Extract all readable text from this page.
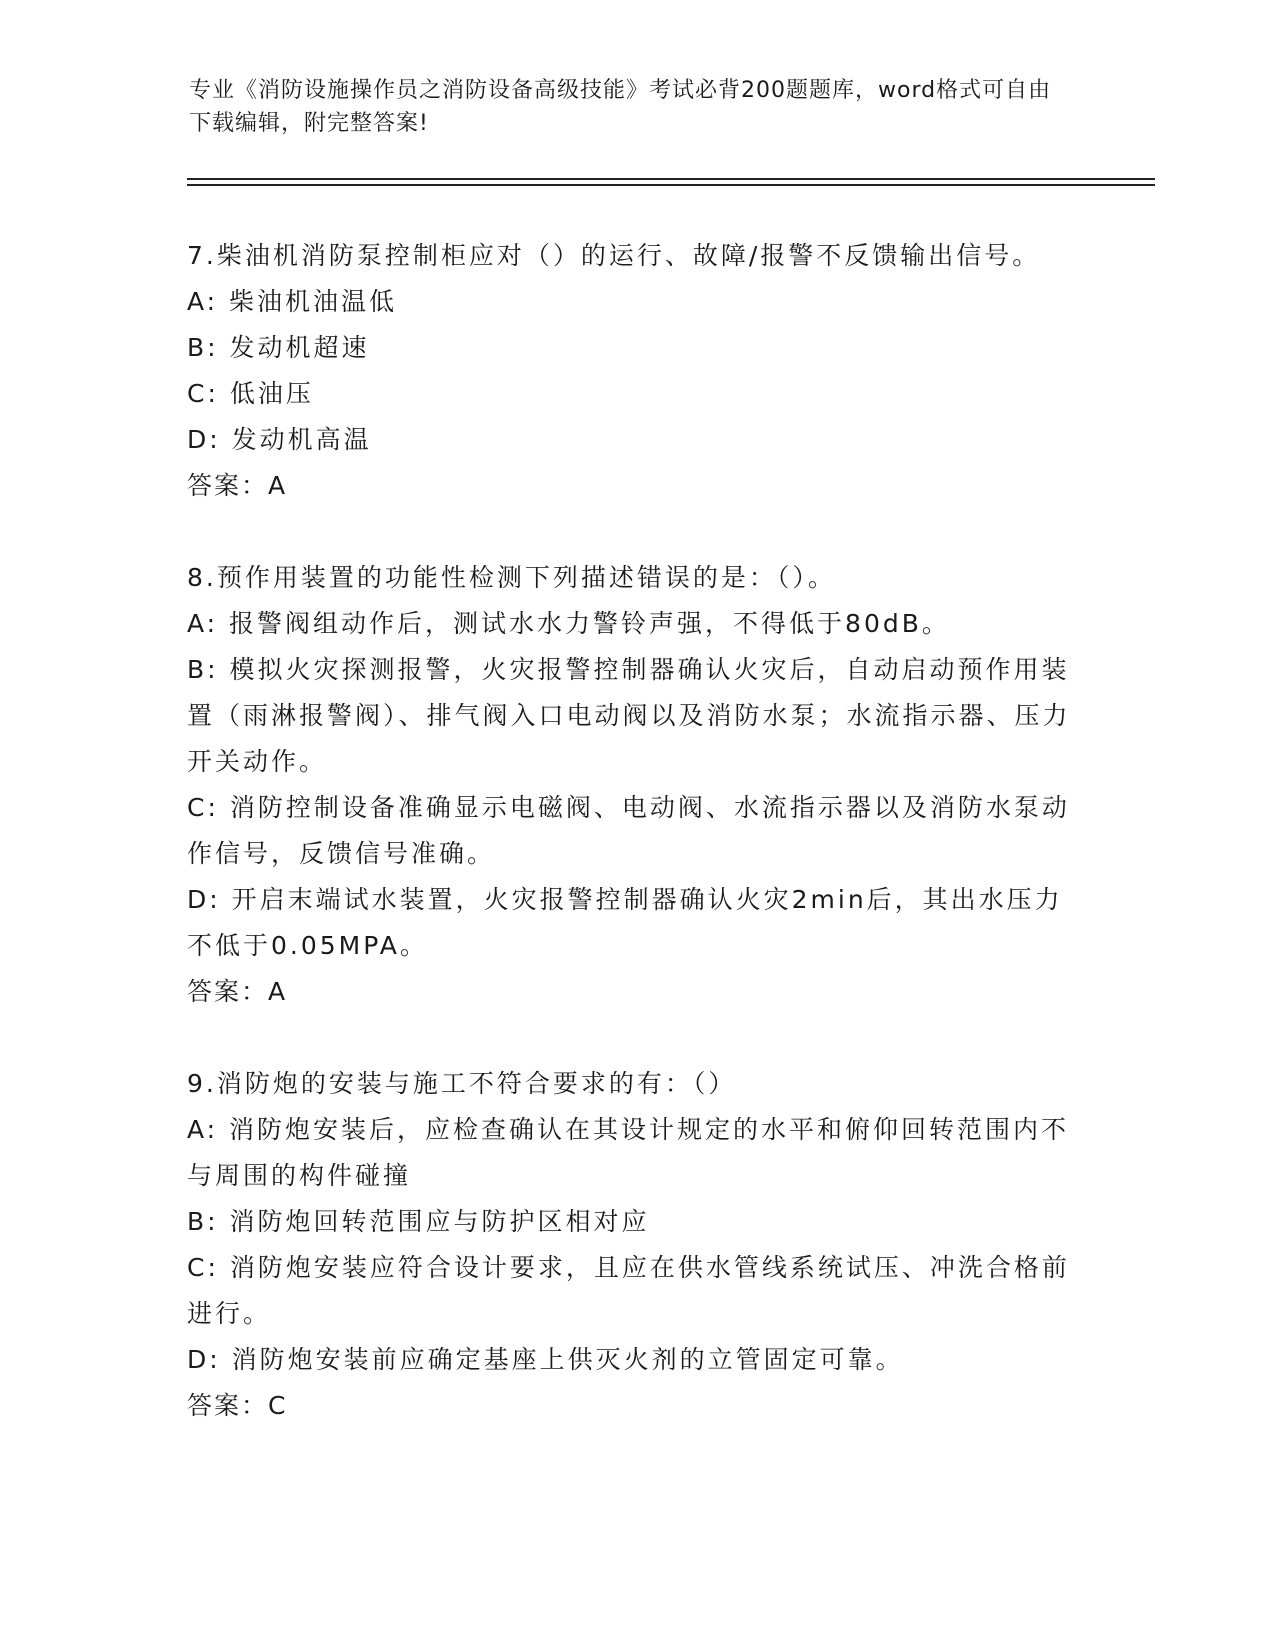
专业《消防设施操作员之消防设备高级技能》考试必背200题题库，word格式可自由下载编辑，附完整答案!

7.柴油机消防泵控制柜应对（）的运行、故障/报警不反馈输出信号。

A: 柴油机油温低

B: 发动机超速

C: 低油压

D: 发动机高温

答案：A

8.预作用装置的功能性检测下列描述错误的是：（）。

A: 报警阀组动作后，测试水水力警铃声强，不得低于80dB。

B: 模拟火灾探测报警，火灾报警控制器确认火灾后，自动启动预作用装置（雨淋报警阀）、排气阀入口电动阀以及消防水泵；水流指示器、压力开关动作。

C: 消防控制设备准确显示电磁阀、电动阀、水流指示器以及消防水泵动作信号，反馈信号准确。

D: 开启末端试水装置，火灾报警控制器确认火灾2min后，其出水压力不低于0.05MPA。

答案：A

9.消防炮的安装与施工不符合要求的有：（）

A: 消防炮安装后，应检查确认在其设计规定的水平和俯仰回转范围内不与周围的构件碰撞

B: 消防炮回转范围应与防护区相对应

C: 消防炮安装应符合设计要求，且应在供水管线系统试压、冲洗合格前进行。

D: 消防炮安装前应确定基座上供灭火剂的立管固定可靠。

答案：C
